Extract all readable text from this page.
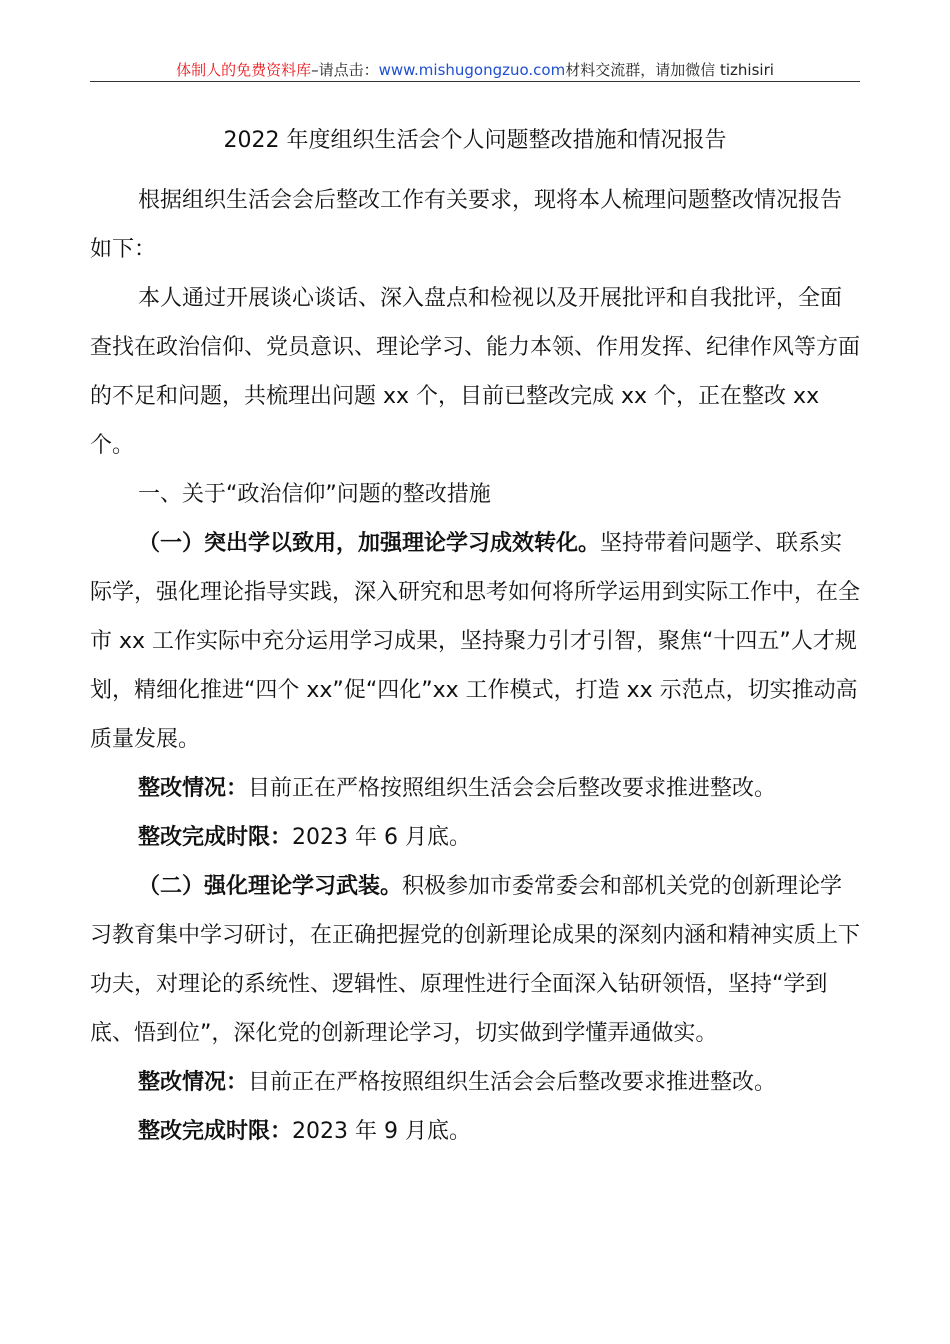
体制人的免费资料库–请点击：www.mishugongzuo.com材料交流群，请加微信 tizhisiri
2022 年度组织生活会个人问题整改措施和情况报告

根据组织生活会会后整改工作有关要求，现将本人梳理问题整改情况报告如下：

本人通过开展谈心谈话、深入盘点和检视以及开展批评和自我批评，全面查找在政治信仰、党员意识、理论学习、能力本领、作用发挥、纪律作风等方面的不足和问题，共梳理出问题 xx 个，目前已整改完成 xx 个，正在整改 xx 个。

一、关于“政治信仰”问题的整改措施

（一）突出学以致用，加强理论学习成效转化。坚持带着问题学、联系实际学，强化理论指导实践，深入研究和思考如何将所学运用到实际工作中，在全市 xx 工作实际中充分运用学习成果，坚持聚力引才引智，聚焦“十四五”人才规划，精细化推进“四个 xx”促“四化”xx 工作模式，打造 xx 示范点，切实推动高质量发展。

整改情况：目前正在严格按照组织生活会会后整改要求推进整改。

整改完成时限：2023 年 6 月底。

（二）强化理论学习武装。积极参加市委常委会和部机关党的创新理论学习教育集中学习研讨，在正确把握党的创新理论成果的深刻内涵和精神实质上下功夫，对理论的系统性、逻辑性、原理性进行全面深入钻研领悟，坚持“学到底、悟到位”，深化党的创新理论学习，切实做到学懂弄通做实。

整改情况：目前正在严格按照组织生活会会后整改要求推进整改。

整改完成时限：2023 年 9 月底。
